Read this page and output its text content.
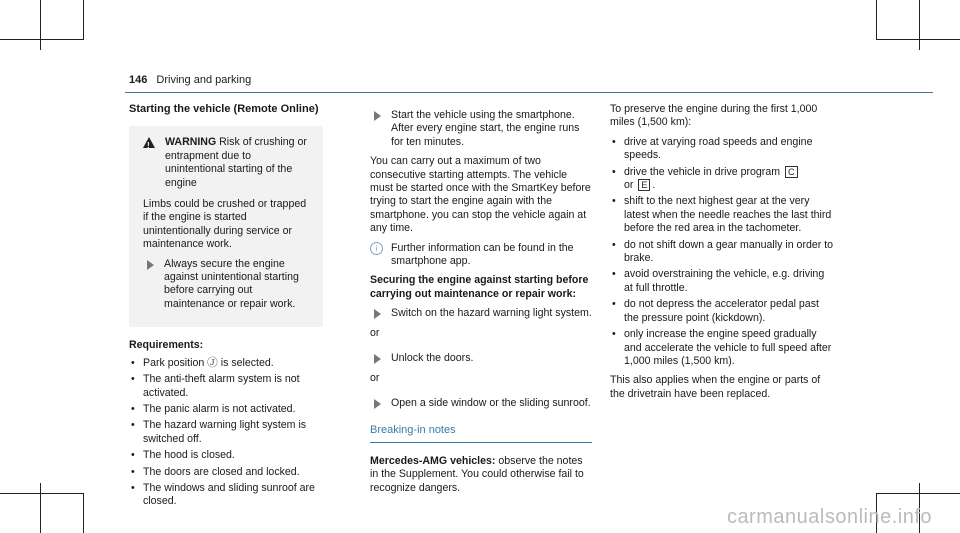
146 Driving and parking
Starting the vehicle (Remote Online)
! WARNING Risk of crushing or entrapment due to unintentional starting of the engine

Limbs could be crushed or trapped if the engine is started unintentionally during service or maintenance work.

Always secure the engine against unintentional starting before carrying out maintenance or repair work.
Requirements:
• Park position Ⓙ is selected.
• The anti-theft alarm system is not activated.
• The panic alarm is not activated.
• The hazard warning light system is switched off.
• The hood is closed.
• The doors are closed and locked.
• The windows and sliding sunroof are closed.
Start the vehicle using the smartphone. After every engine start, the engine runs for ten minutes.

You can carry out a maximum of two consecutive starting attempts. The vehicle must be started once with the SmartKey before trying to start the engine again with the smartphone. you can stop the vehicle again at any time.

i	Further information can be found in the smartphone app.
Securing the engine against starting before carrying out maintenance or repair work:
Switch on the hazard warning light system.
or
Unlock the doors.
or
Open a side window or the sliding sunroof.
Breaking-in notes

Mercedes-AMG vehicles: observe the notes in the Supplement. You could otherwise fail to recognize dangers.

To preserve the engine during the first 1,000 miles (1,500 km):

• drive at varying road speeds and engine speeds.
• drive the vehicle in drive program C
or E .
• shift to the next highest gear at the very latest when the needle reaches the last third before the red area in the tachometer.
• do not shift down a gear manually in order to brake.
• avoid overstraining the vehicle, e.g. driving at full throttle.
• do not depress the accelerator pedal past the pressure point (kickdown).
• only increase the engine speed gradually and accelerate the vehicle to full speed after 1,000 miles (1,500 km).

This also applies when the engine or parts of the drivetrain have been replaced.

carmanualsonline.info
